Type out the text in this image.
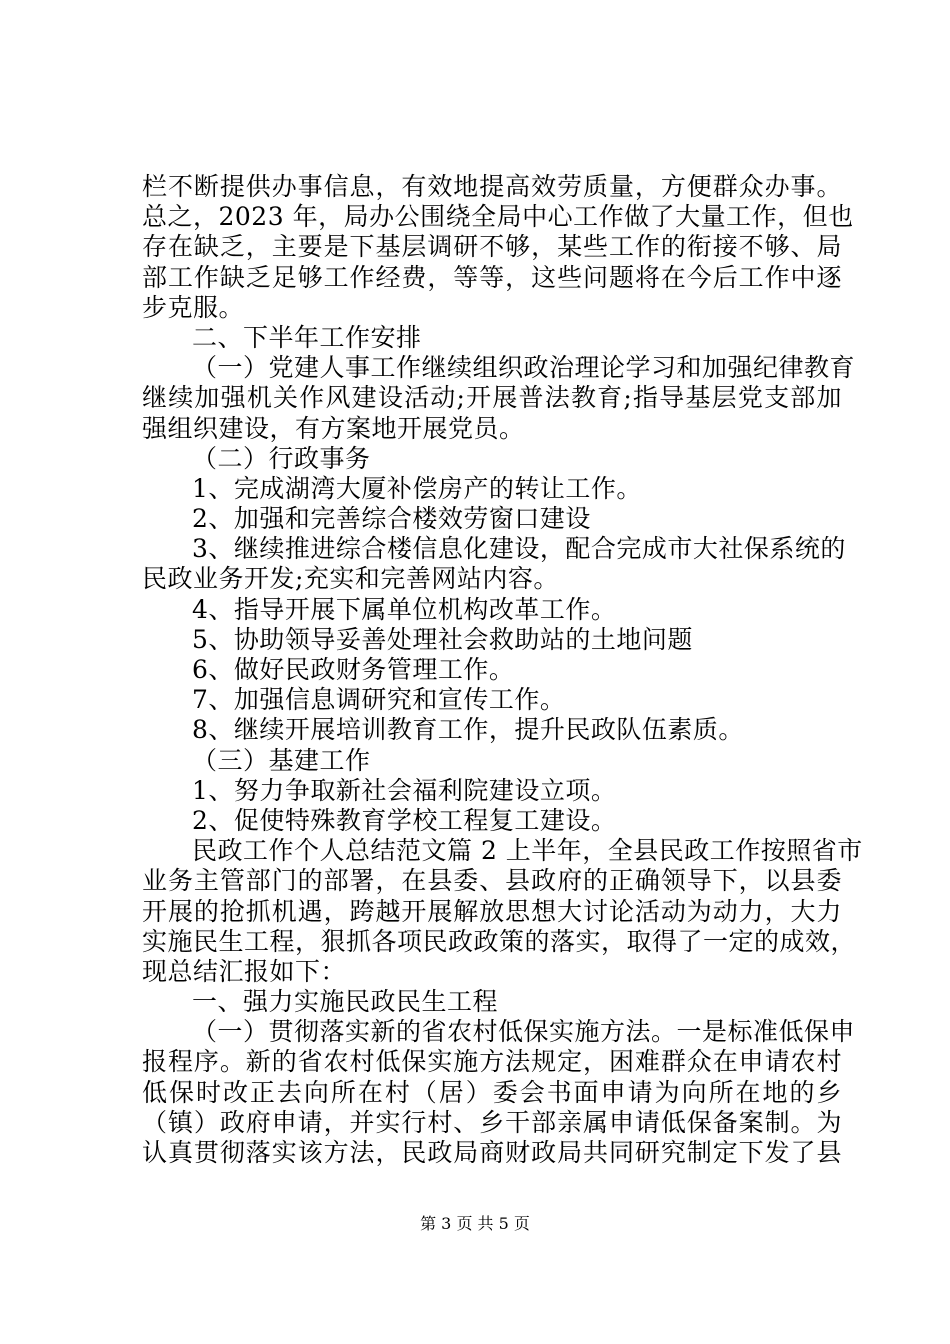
栏不断提供办事信息，有效地提高效劳质量，方便群众办事。
总之，2023 年，局办公围绕全局中心工作做了大量工作，但也
存在缺乏，主要是下基层调研不够，某些工作的衔接不够、局
部工作缺乏足够工作经费，等等，这些问题将在今后工作中逐
步克服。
二、下半年工作安排
（一）党建人事工作继续组织政治理论学习和加强纪律教育
继续加强机关作风建设活动;开展普法教育;指导基层党支部加
强组织建设，有方案地开展党员。
（二）行政事务
1、完成湖湾大厦补偿房产的转让工作。
2、加强和完善综合楼效劳窗口建设
3、继续推进综合楼信息化建设，配合完成市大社保系统的
民政业务开发;充实和完善网站内容。
4、指导开展下属单位机构改革工作。
5、协助领导妥善处理社会救助站的土地问题
6、做好民政财务管理工作。
7、加强信息调研究和宣传工作。
8、继续开展培训教育工作，提升民政队伍素质。
（三）基建工作
1、努力争取新社会福利院建设立项。
2、促使特殊教育学校工程复工建设。
民政工作个人总结范文篇 2 上半年，全县民政工作按照省市
业务主管部门的部署，在县委、县政府的正确领导下，以县委
开展的抢抓机遇，跨越开展解放思想大讨论活动为动力，大力
实施民生工程，狠抓各项民政政策的落实，取得了一定的成效，
现总结汇报如下：
一、强力实施民政民生工程
（一）贯彻落实新的省农村低保实施方法。一是标准低保申
报程序。新的省农村低保实施方法规定，困难群众在申请农村
低保时改正去向所在村（居）委会书面申请为向所在地的乡
（镇）政府申请，并实行村、乡干部亲属申请低保备案制。为
认真贯彻落实该方法，民政局商财政局共同研究制定下发了县
第 3 页 共 5 页
